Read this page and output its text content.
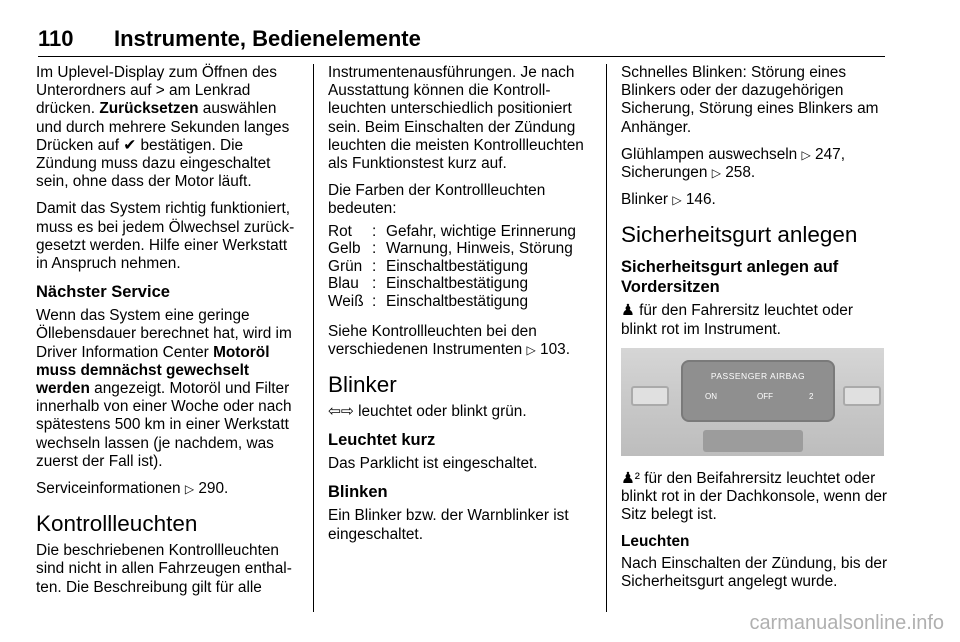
110 Instrumente, Bedienelemente

Im Uplevel-Display zum Öffnen des Unterordners auf > am Lenkrad drücken. Zurücksetzen auswählen und durch mehrere Sekunden langes Drücken auf ✔ bestätigen. Die Zündung muss dazu eingeschaltet sein, ohne dass der Motor läuft.

Damit das System richtig funktioniert, muss es bei jedem Ölwechsel zurück-gesetzt werden. Hilfe einer Werkstatt in Anspruch nehmen.

Nächster Service

Wenn das System eine geringe Öllebensdauer berechnet hat, wird im Driver Information Center Motoröl muss demnächst gewechselt werden angezeigt. Motoröl und Filter innerhalb von einer Woche oder nach spätestens 500 km in einer Werkstatt wechseln lassen (je nachdem, was zuerst der Fall ist).

Serviceinformationen ▷ 290.

Kontrollleuchten

Die beschriebenen Kontrollleuchten sind nicht in allen Fahrzeugen enthal-ten. Die Beschreibung gilt für alle

Instrumentenausführungen. Je nach Ausstattung können die Kontroll-leuchten unterschiedlich positioniert sein. Beim Einschalten der Zündung leuchten die meisten Kontrollleuchten als Funktionstest kurz auf.

Die Farben der Kontrollleuchten bedeuten:

Rot	:	Gefahr, wichtige Erinnerung
Gelb	:	Warnung, Hinweis, Störung
Grün	:	Einschaltbestätigung
Blau	:	Einschaltbestätigung
Weiß	:	Einschaltbestätigung

Siehe Kontrollleuchten bei den verschiedenen Instrumenten ▷ 103.

Blinker

⇦⇨ leuchtet oder blinkt grün.

Leuchtet kurz

Das Parklicht ist eingeschaltet.

Blinken

Ein Blinker bzw. der Warnblinker ist eingeschaltet.

Schnelles Blinken: Störung eines Blinkers oder der dazugehörigen Sicherung, Störung eines Blinkers am Anhänger.

Glühlampen auswechseln ▷ 247,
Sicherungen ▷ 258.

Blinker ▷ 146.

Sicherheitsgurt anlegen
Sicherheitsgurt anlegen auf Vordersitzen

♟ für den Fahrersitz leuchtet oder blinkt rot im Instrument.

PASSENGER AIRBAG
ON	OFF	2

♟² für den Beifahrersitz leuchtet oder blinkt rot in der Dachkonsole, wenn der Sitz belegt ist.

Leuchten

Nach Einschalten der Zündung, bis der Sicherheitsgurt angelegt wurde.

carmanualsonline.info
